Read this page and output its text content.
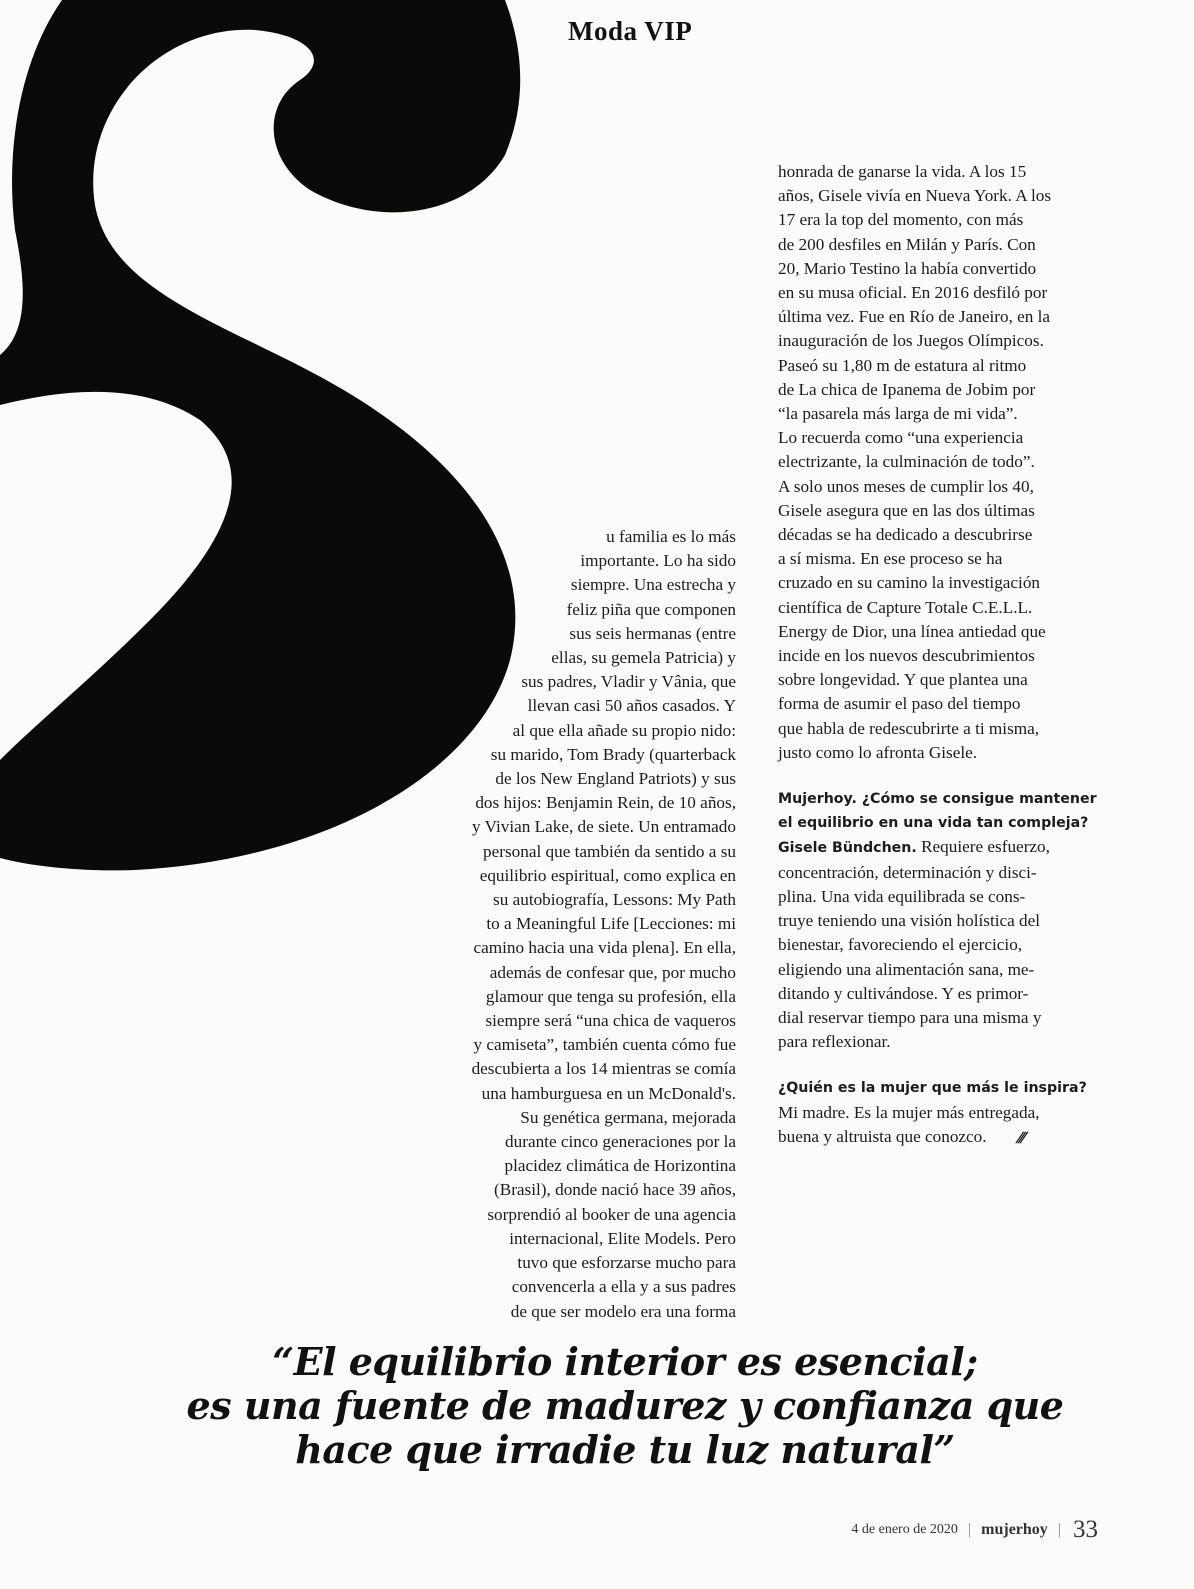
Moda VIP
u familia es lo más
importante. Lo ha sido
siempre. Una estrecha y
feliz piña que componen
sus seis hermanas (entre
ellas, su gemela Patricia) y
sus padres, Vladir y Vânia, que
llevan casi 50 años casados. Y
al que ella añade su propio nido:
su marido, Tom Brady (quarterback
de los New England Patriots) y sus
dos hijos: Benjamin Rein, de 10 años,
y Vivian Lake, de siete. Un entramado
personal que también da sentido a su
equilibrio espiritual, como explica en
su autobiografía, Lessons: My Path
to a Meaningful Life [Lecciones: mi
camino hacia una vida plena]. En ella,
además de confesar que, por mucho
glamour que tenga su profesión, ella
siempre será “una chica de vaqueros
y camiseta”, también cuenta cómo fue
descubierta a los 14 mientras se comía
una hamburguesa en un McDonald's.
Su genética germana, mejorada
durante cinco generaciones por la
placidez climática de Horizontina
(Brasil), donde nació hace 39 años,
sorprendió al booker de una agencia
internacional, Elite Models. Pero
tuvo que esforzarse mucho para
convencerla a ella y a sus padres
de que ser modelo era una forma
honrada de ganarse la vida. A los 15
años, Gisele vivía en Nueva York. A los
17 era la top del momento, con más
de 200 desfiles en Milán y París. Con
20, Mario Testino la había convertido
en su musa oficial. En 2016 desfiló por
última vez. Fue en Río de Janeiro, en la
inauguración de los Juegos Olímpicos.
Paseó su 1,80 m de estatura al ritmo
de La chica de Ipanema de Jobim por
“la pasarela más larga de mi vida”.
Lo recuerda como “una experiencia
electrizante, la culminación de todo”.
A solo unos meses de cumplir los 40,
Gisele asegura que en las dos últimas
décadas se ha dedicado a descubrirse
a sí misma. En ese proceso se ha
cruzado en su camino la investigación
científica de Capture Totale C.E.L.L.
Energy de Dior, una línea antiedad que
incide en los nuevos descubrimientos
sobre longevidad. Y que plantea una
forma de asumir el paso del tiempo
que habla de redescubrirte a ti misma,
justo como lo afronta Gisele.
Mujerhoy. ¿Cómo se consigue mantener
el equilibrio en una vida tan compleja?
Gisele Bündchen. Requiere esfuerzo,
concentración, determinación y disci-
plina. Una vida equilibrada se cons-
truye teniendo una visión holística del
bienestar, favoreciendo el ejercicio,
eligiendo una alimentación sana, me-
ditando y cultivándose. Y es primor-
dial reservar tiempo para una misma y
para reflexionar.
¿Quién es la mujer que más le inspira?
Mi madre. Es la mujer más entregada,
buena y altruista que conozco. ///
“El equilibrio interior es esencial;
es una fuente de madurez y confianza que
hace que irradie tu luz natural”
4 de enero de 2020 | mujerhoy | 33
